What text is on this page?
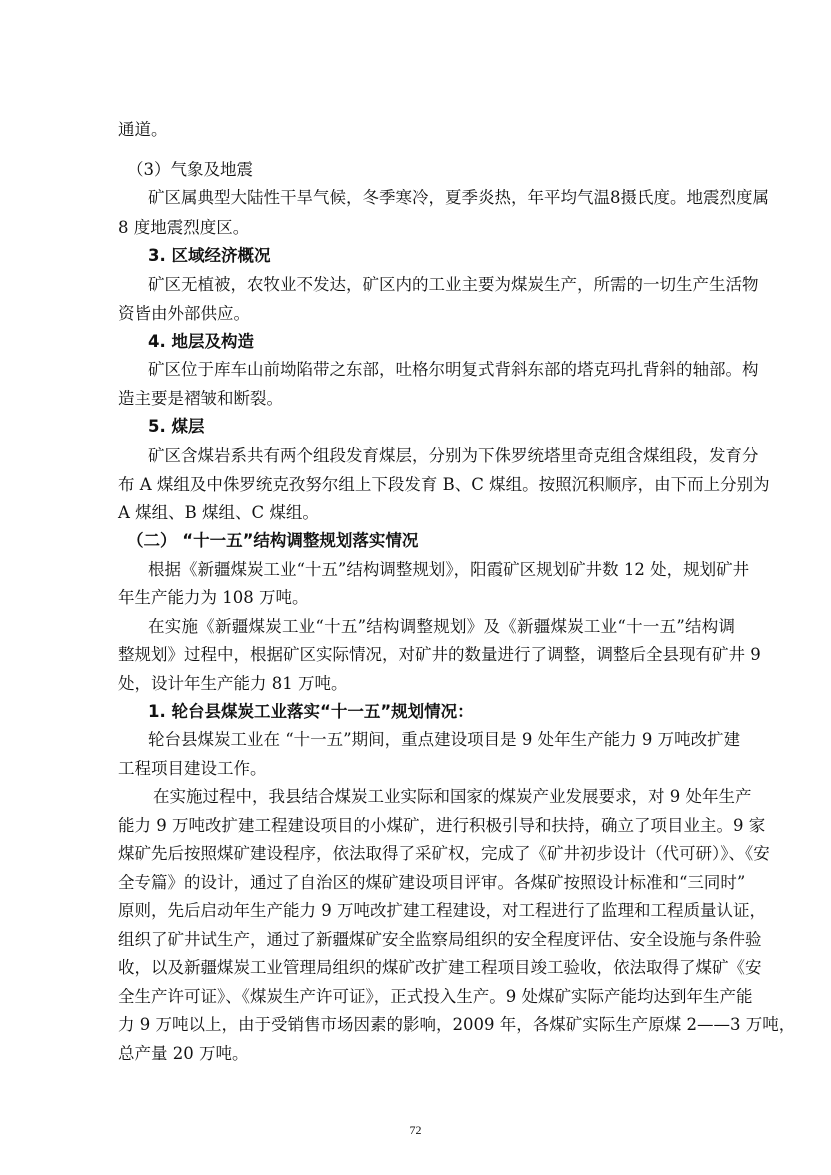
通道。
（3）气象及地震
矿区属典型大陆性干旱气候，冬季寒冷，夏季炎热，年平均气温8摄氏度。地震烈度属
8 度地震烈度区。
3. 区域经济概况
矿区无植被，农牧业不发达，矿区内的工业主要为煤炭生产，所需的一切生产生活物
资皆由外部供应。
4. 地层及构造
矿区位于库车山前坳陷带之东部，吐格尔明复式背斜东部的塔克玛扎背斜的轴部。构
造主要是褶皱和断裂。
5. 煤层
矿区含煤岩系共有两个组段发育煤层，分别为下侏罗统塔里奇克组含煤组段，发育分
布 A 煤组及中侏罗统克孜努尔组上下段发育 B、C 煤组。按照沉积顺序，由下而上分别为
A 煤组、B 煤组、C 煤组。
（二） “十一五”结构调整规划落实情况
根据《新疆煤炭工业“十五”结构调整规划》，阳霞矿区规划矿井数 12 处，规划矿井
年生产能力为 108 万吨。
在实施《新疆煤炭工业“十五”结构调整规划》及《新疆煤炭工业“十一五”结构调
整规划》过程中，根据矿区实际情况，对矿井的数量进行了调整，调整后全县现有矿井 9
处，设计年生产能力 81 万吨。
1. 轮台县煤炭工业落实“十一五”规划情况：
轮台县煤炭工业在 “十一五”期间，重点建设项目是 9 处年生产能力 9 万吨改扩建
工程项目建设工作。
在实施过程中，我县结合煤炭工业实际和国家的煤炭产业发展要求，对 9 处年生产
能力 9 万吨改扩建工程建设项目的小煤矿，进行积极引导和扶持，确立了项目业主。9 家
煤矿先后按照煤矿建设程序，依法取得了采矿权，完成了《矿井初步设计（代可研）》、《安
全专篇》的设计，通过了自治区的煤矿建设项目评审。各煤矿按照设计标准和“三同时”
原则，先后启动年生产能力 9 万吨改扩建工程建设，对工程进行了监理和工程质量认证，
组织了矿井试生产，通过了新疆煤矿安全监察局组织的安全程度评估、安全设施与条件验
收，以及新疆煤炭工业管理局组织的煤矿改扩建工程项目竣工验收，依法取得了煤矿《安
全生产许可证》、《煤炭生产许可证》，正式投入生产。9 处煤矿实际产能均达到年生产能
力 9 万吨以上，由于受销售市场因素的影响，2009 年，各煤矿实际生产原煤 2——3 万吨，
总产量 20 万吨。
72
